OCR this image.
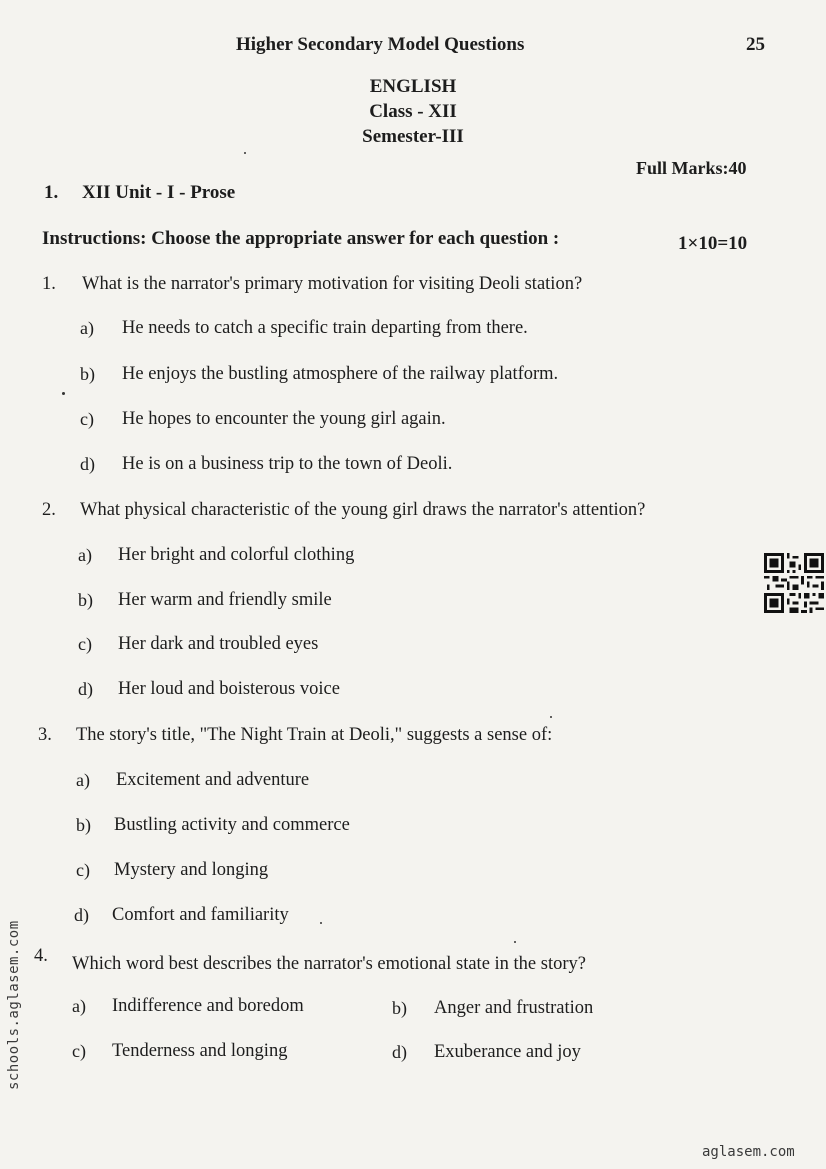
Higher Secondary Model Questions	25
ENGLISH
Class - XII
Semester-III
Full Marks:40
1. XII Unit - I - Prose
Instructions: Choose the appropriate answer for each question :	1×10=10
1. What is the narrator's primary motivation for visiting Deoli station?
a) He needs to catch a specific train departing from there.
b) He enjoys the bustling atmosphere of the railway platform.
c) He hopes to encounter the young girl again.
d) He is on a business trip to the town of Deoli.
2. What physical characteristic of the young girl draws the narrator's attention?
a) Her bright and colorful clothing
b) Her warm and friendly smile
c) Her dark and troubled eyes
d) Her loud and boisterous voice
3. The story's title, "The Night Train at Deoli," suggests a sense of:
a) Excitement and adventure
b) Bustling activity and commerce
c) Mystery and longing
d) Comfort and familiarity
4. Which word best describes the narrator's emotional state in the story?
a) Indifference and boredom	b) Anger and frustration
c) Tenderness and longing	d) Exuberance and joy
schools.aglasem.com
aglasem.com
